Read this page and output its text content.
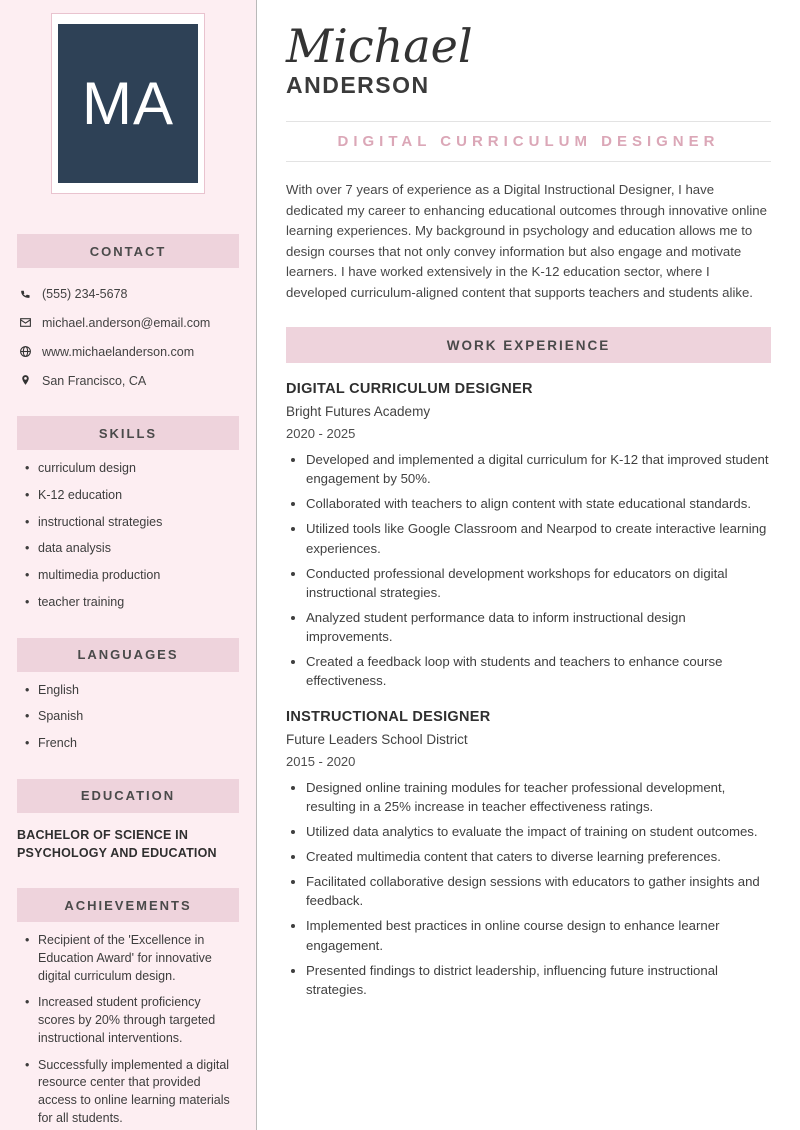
MA
CONTACT
(555) 234-5678
michael.anderson@email.com
www.michaelanderson.com
San Francisco, CA
SKILLS
• curriculum design
• K-12 education
• instructional strategies
• data analysis
• multimedia production
• teacher training
LANGUAGES
• English
• Spanish
• French
EDUCATION
BACHELOR OF SCIENCE IN PSYCHOLOGY AND EDUCATION
ACHIEVEMENTS
• Recipient of the 'Excellence in Education Award' for innovative digital curriculum design.
• Increased student proficiency scores by 20% through targeted instructional interventions.
• Successfully implemented a digital resource center that provided access to online learning materials for all students.
Michael
ANDERSON
DIGITAL CURRICULUM DESIGNER

With over 7 years of experience as a Digital Instructional Designer, I have dedicated my career to enhancing educational outcomes through innovative online learning experiences. My background in psychology and education allows me to design courses that not only convey information but also engage and motivate learners. I have worked extensively in the K-12 education sector, where I developed curriculum-aligned content that supports teachers and students alike.

WORK EXPERIENCE
DIGITAL CURRICULUM DESIGNER
Bright Futures Academy
2020 - 2025
• Developed and implemented a digital curriculum for K-12 that improved student engagement by 50%.
• Collaborated with teachers to align content with state educational standards.
• Utilized tools like Google Classroom and Nearpod to create interactive learning experiences.
• Conducted professional development workshops for educators on digital instructional strategies.
• Analyzed student performance data to inform instructional design improvements.
• Created a feedback loop with students and teachers to enhance course effectiveness.
INSTRUCTIONAL DESIGNER
Future Leaders School District
2015 - 2020
• Designed online training modules for teacher professional development, resulting in a 25% increase in teacher effectiveness ratings.
• Utilized data analytics to evaluate the impact of training on student outcomes.
• Created multimedia content that caters to diverse learning preferences.
• Facilitated collaborative design sessions with educators to gather insights and feedback.
• Implemented best practices in online course design to enhance learner engagement.
• Presented findings to district leadership, influencing future instructional strategies.
